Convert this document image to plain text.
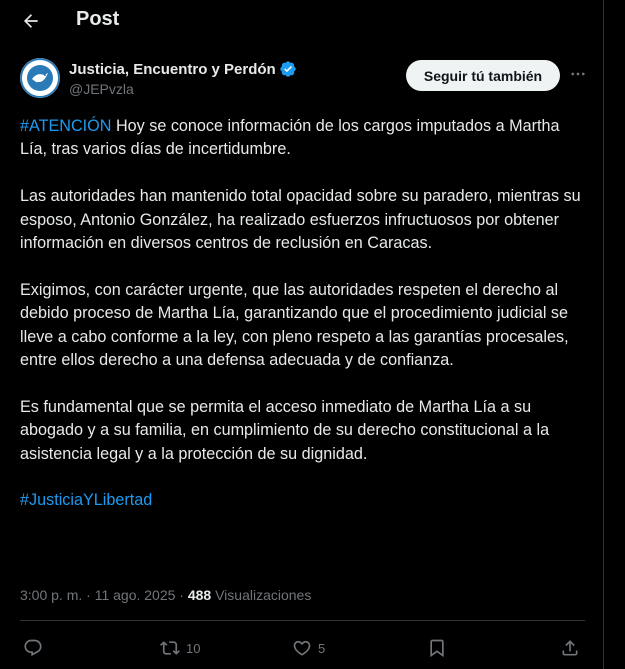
Post
Justicia, Encuentro y Perdón
@JEPvzla
Seguir tú también

#ATENCIÓN Hoy se conoce información de los cargos imputados a Martha Lía, tras varios días de incertidumbre.

Las autoridades han mantenido total opacidad sobre su paradero, mientras su esposo, Antonio González, ha realizado esfuerzos infructuosos por obtener información en diversos centros de reclusión en Caracas.

Exigimos, con carácter urgente, que las autoridades respeten el derecho al debido proceso de Martha Lía, garantizando que el procedimiento judicial se lleve a cabo conforme a la ley, con pleno respeto a las garantías procesales, entre ellos derecho a una defensa adecuada y de confianza.

Es fundamental que se permita el acceso inmediato de Martha Lía a su abogado y a su familia, en cumplimiento de su derecho constitucional a la asistencia legal y a la protección de su dignidad.

#JusticiaYLibertad

3:00 p. m. · 11 ago. 2025 · 488 Visualizaciones
10	5
